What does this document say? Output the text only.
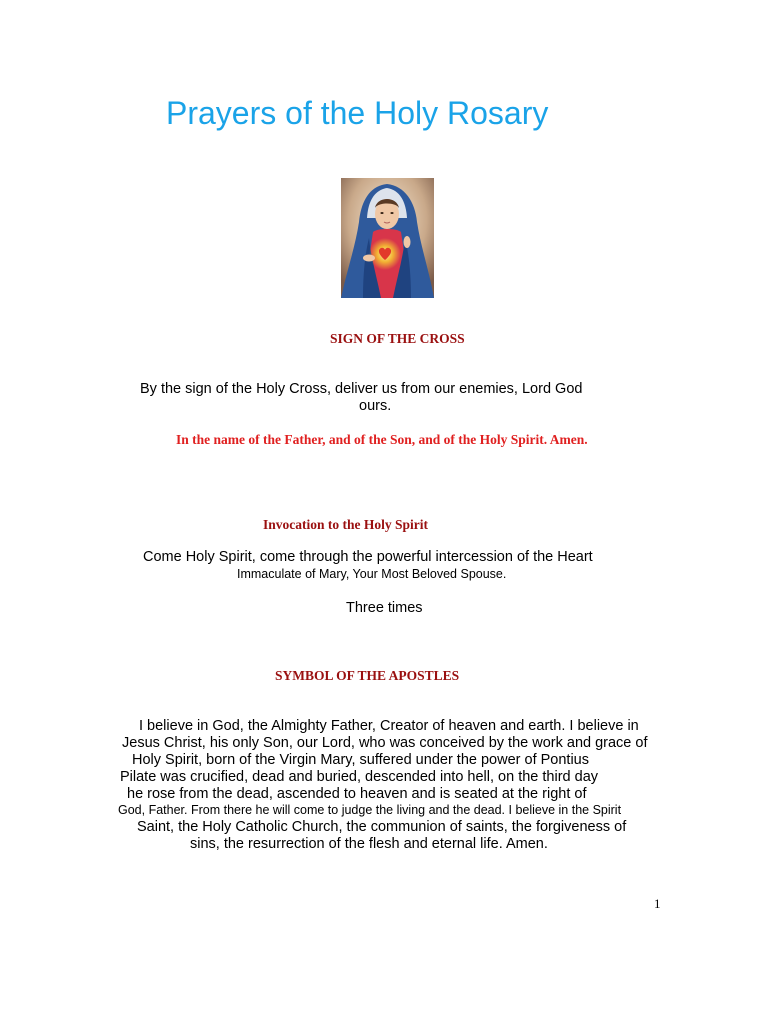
Prayers of the Holy Rosary
SIGN OF THE CROSS

By the sign of the Holy Cross, deliver us from our enemies, Lord God

ours.

In the name of the Father, and of the Son, and of the Holy Spirit. Amen.

Invocation to the Holy Spirit

Come Holy Spirit, come through the powerful intercession of the Heart

Immaculate of Mary, Your Most Beloved Spouse.

Three times

SYMBOL OF THE APOSTLES

I believe in God, the Almighty Father, Creator of heaven and earth. I believe in

Jesus Christ, his only Son, our Lord, who was conceived by the work and grace of

Holy Spirit, born of the Virgin Mary, suffered under the power of Pontius

Pilate was crucified, dead and buried, descended into hell, on the third day

he rose from the dead, ascended to heaven and is seated at the right of

God, Father. From there he will come to judge the living and the dead. I believe in the Spirit

Saint, the Holy Catholic Church, the communion of saints, the forgiveness of

sins, the resurrection of the flesh and eternal life. Amen.

1
